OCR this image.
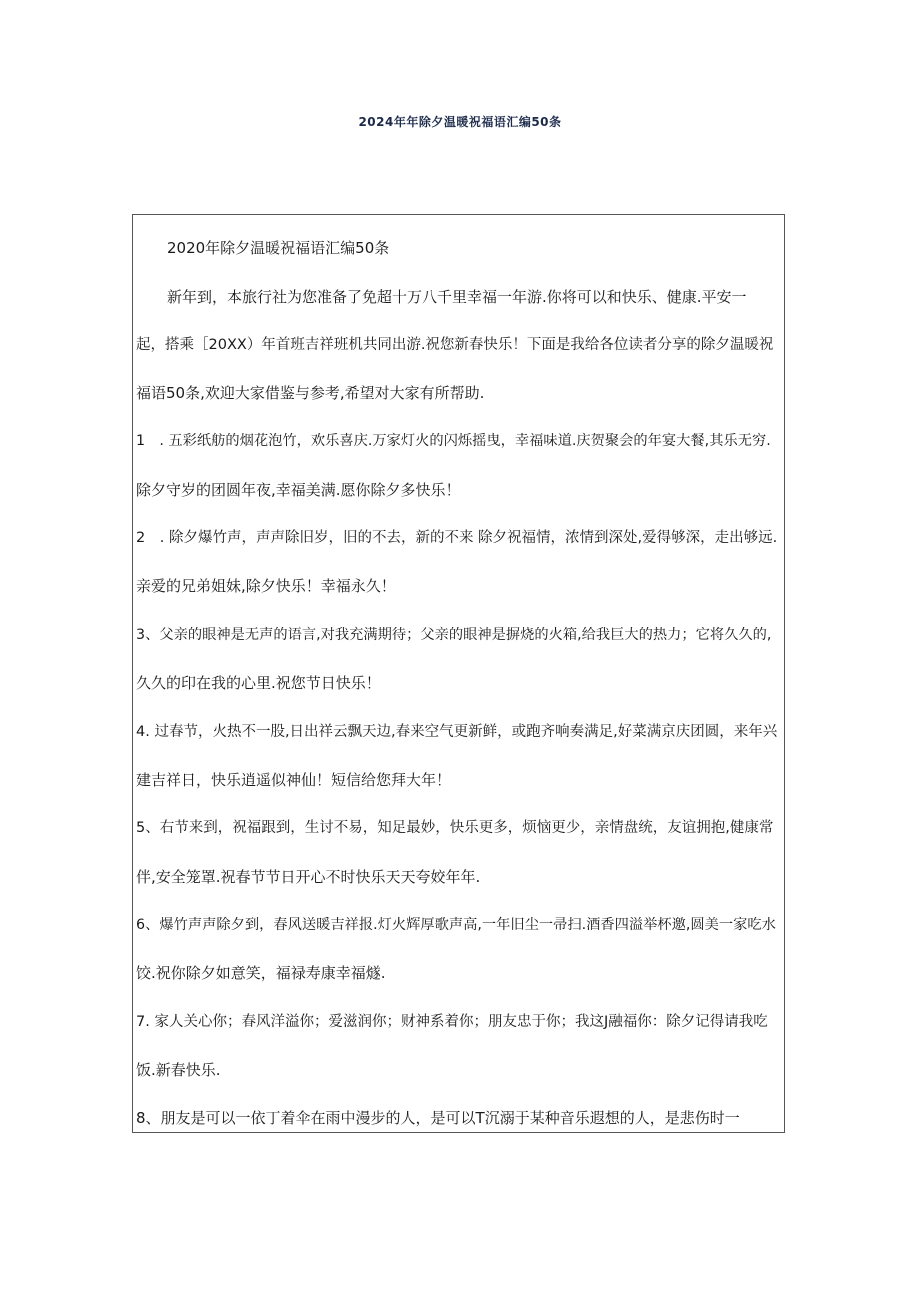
2024年年除夕温暖祝福语汇编50条
2020年除夕温暖祝福语汇编50条
新年到，本旅行社为您准备了免超十万八千里幸福一年游.你将可以和快乐、健康.平安一
起，搭乘［20XX）年首班吉祥班机共同出游.祝您新春快乐！下面是我给各位读者分享的除夕温暖祝
福语50条,欢迎大家借鉴与参考,希望对大家有所帮助.
1　. 五彩纸舫的烟花泡竹，欢乐喜庆.万家灯火的闪烁摇曳，幸福味道.庆贺聚会的年宴大餐,其乐无穷.
除夕守岁的团圆年夜,幸福美满.愿你除夕多快乐！
2　. 除夕爆竹声，声声除旧岁，旧的不去，新的不来 除夕祝福情，浓情到深处,爱得够深，走出够远.
亲爱的兄弟姐妹,除夕快乐！幸福永久！
3、父亲的眼神是无声的语言,对我充满期待；父亲的眼神是摒烧的火箱,给我巨大的热力；它将久久的,
久久的印在我的心里.祝您节日快乐！
4. 过春节，火热不一股,日出祥云飘天边,春来空气更新鲜，或跑齐响奏满足,好菜满京庆团圆，来年兴
建吉祥日，快乐逍遥似神仙！短信给您拜大年！
5、右节来到，祝福跟到，生讨不易，知足最妙，快乐更多，烦恼更少，亲情盘统，友谊拥抱,健康常
伴,安全笼罩.祝春节节日开心不时快乐天天夸姣年年.
6、爆竹声声除夕到，春风送暖吉祥报.灯火辉厚歌声高,一年旧尘一帚扫.酒香四溢举杯邀,圆美一家吃水
饺.祝你除夕如意笑，福禄寿康幸福燧.
7. 家人关心你；春风洋溢你；爱滋润你；财神系着你；朋友忠于你；我这J融福你：除夕记得请我吃
饭.新春快乐.
8、朋友是可以一依丁着伞在雨中漫步的人，是可以T沉溺于某种音乐遐想的人，是悲伤时一
